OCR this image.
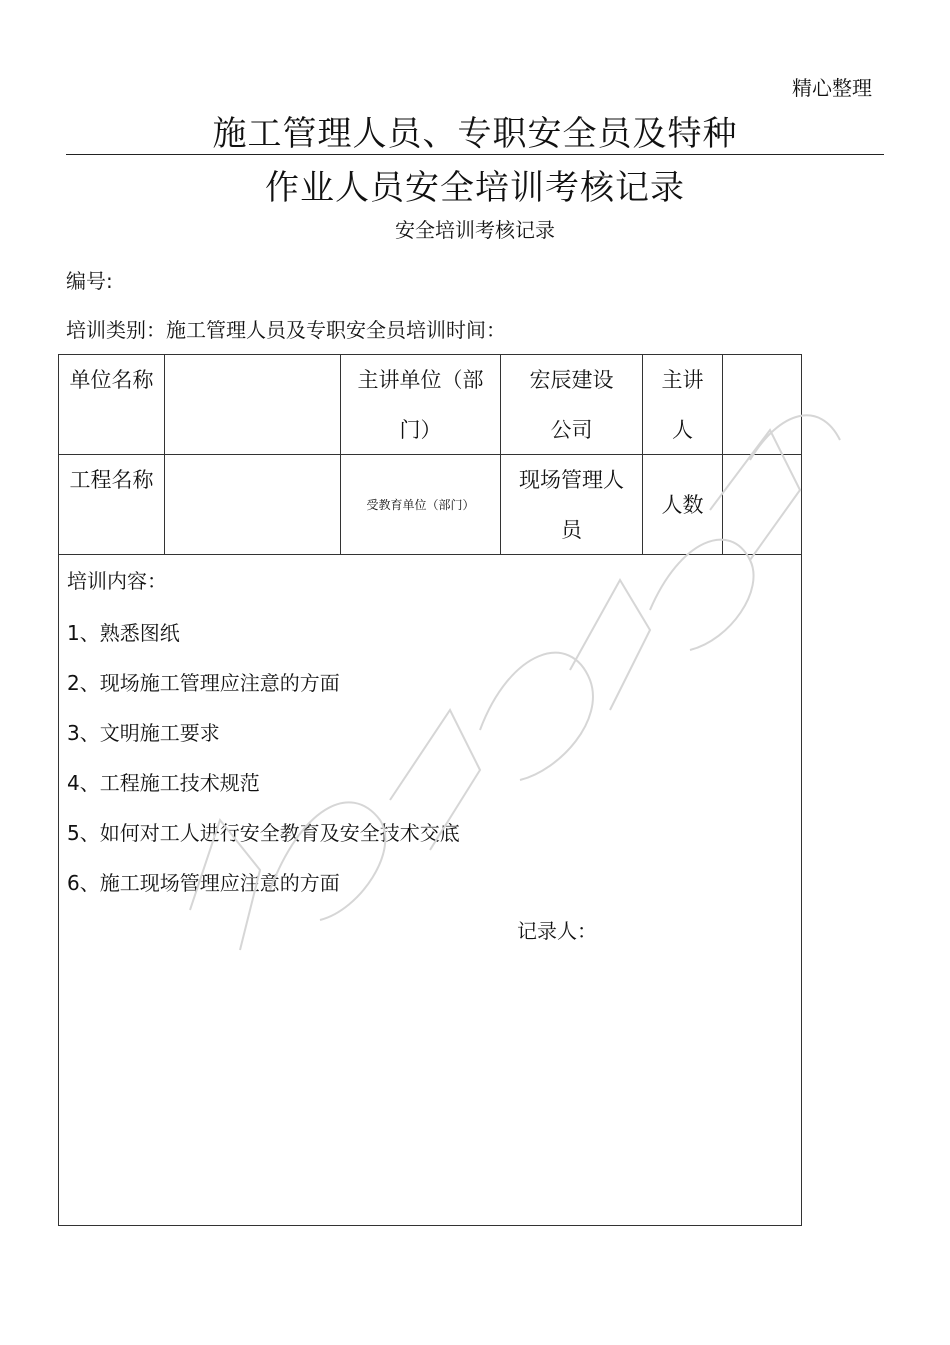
精心整理
施工管理人员、专职安全员及特种
作业人员安全培训考核记录
安全培训考核记录
编号:
培训类别：施工管理人员及专职安全员培训时间：
单位名称	主讲单位（部门）
宏辰建设公司
主讲人
工程名称
受教育单位（部门）
现场管理人员
人数
培训内容：
1、熟悉图纸
2、现场施工管理应注意的方面
3、文明施工要求
4、工程施工技术规范
5、如何对工人进行安全教育及安全技术交底
6、施工现场管理应注意的方面
记录人：
